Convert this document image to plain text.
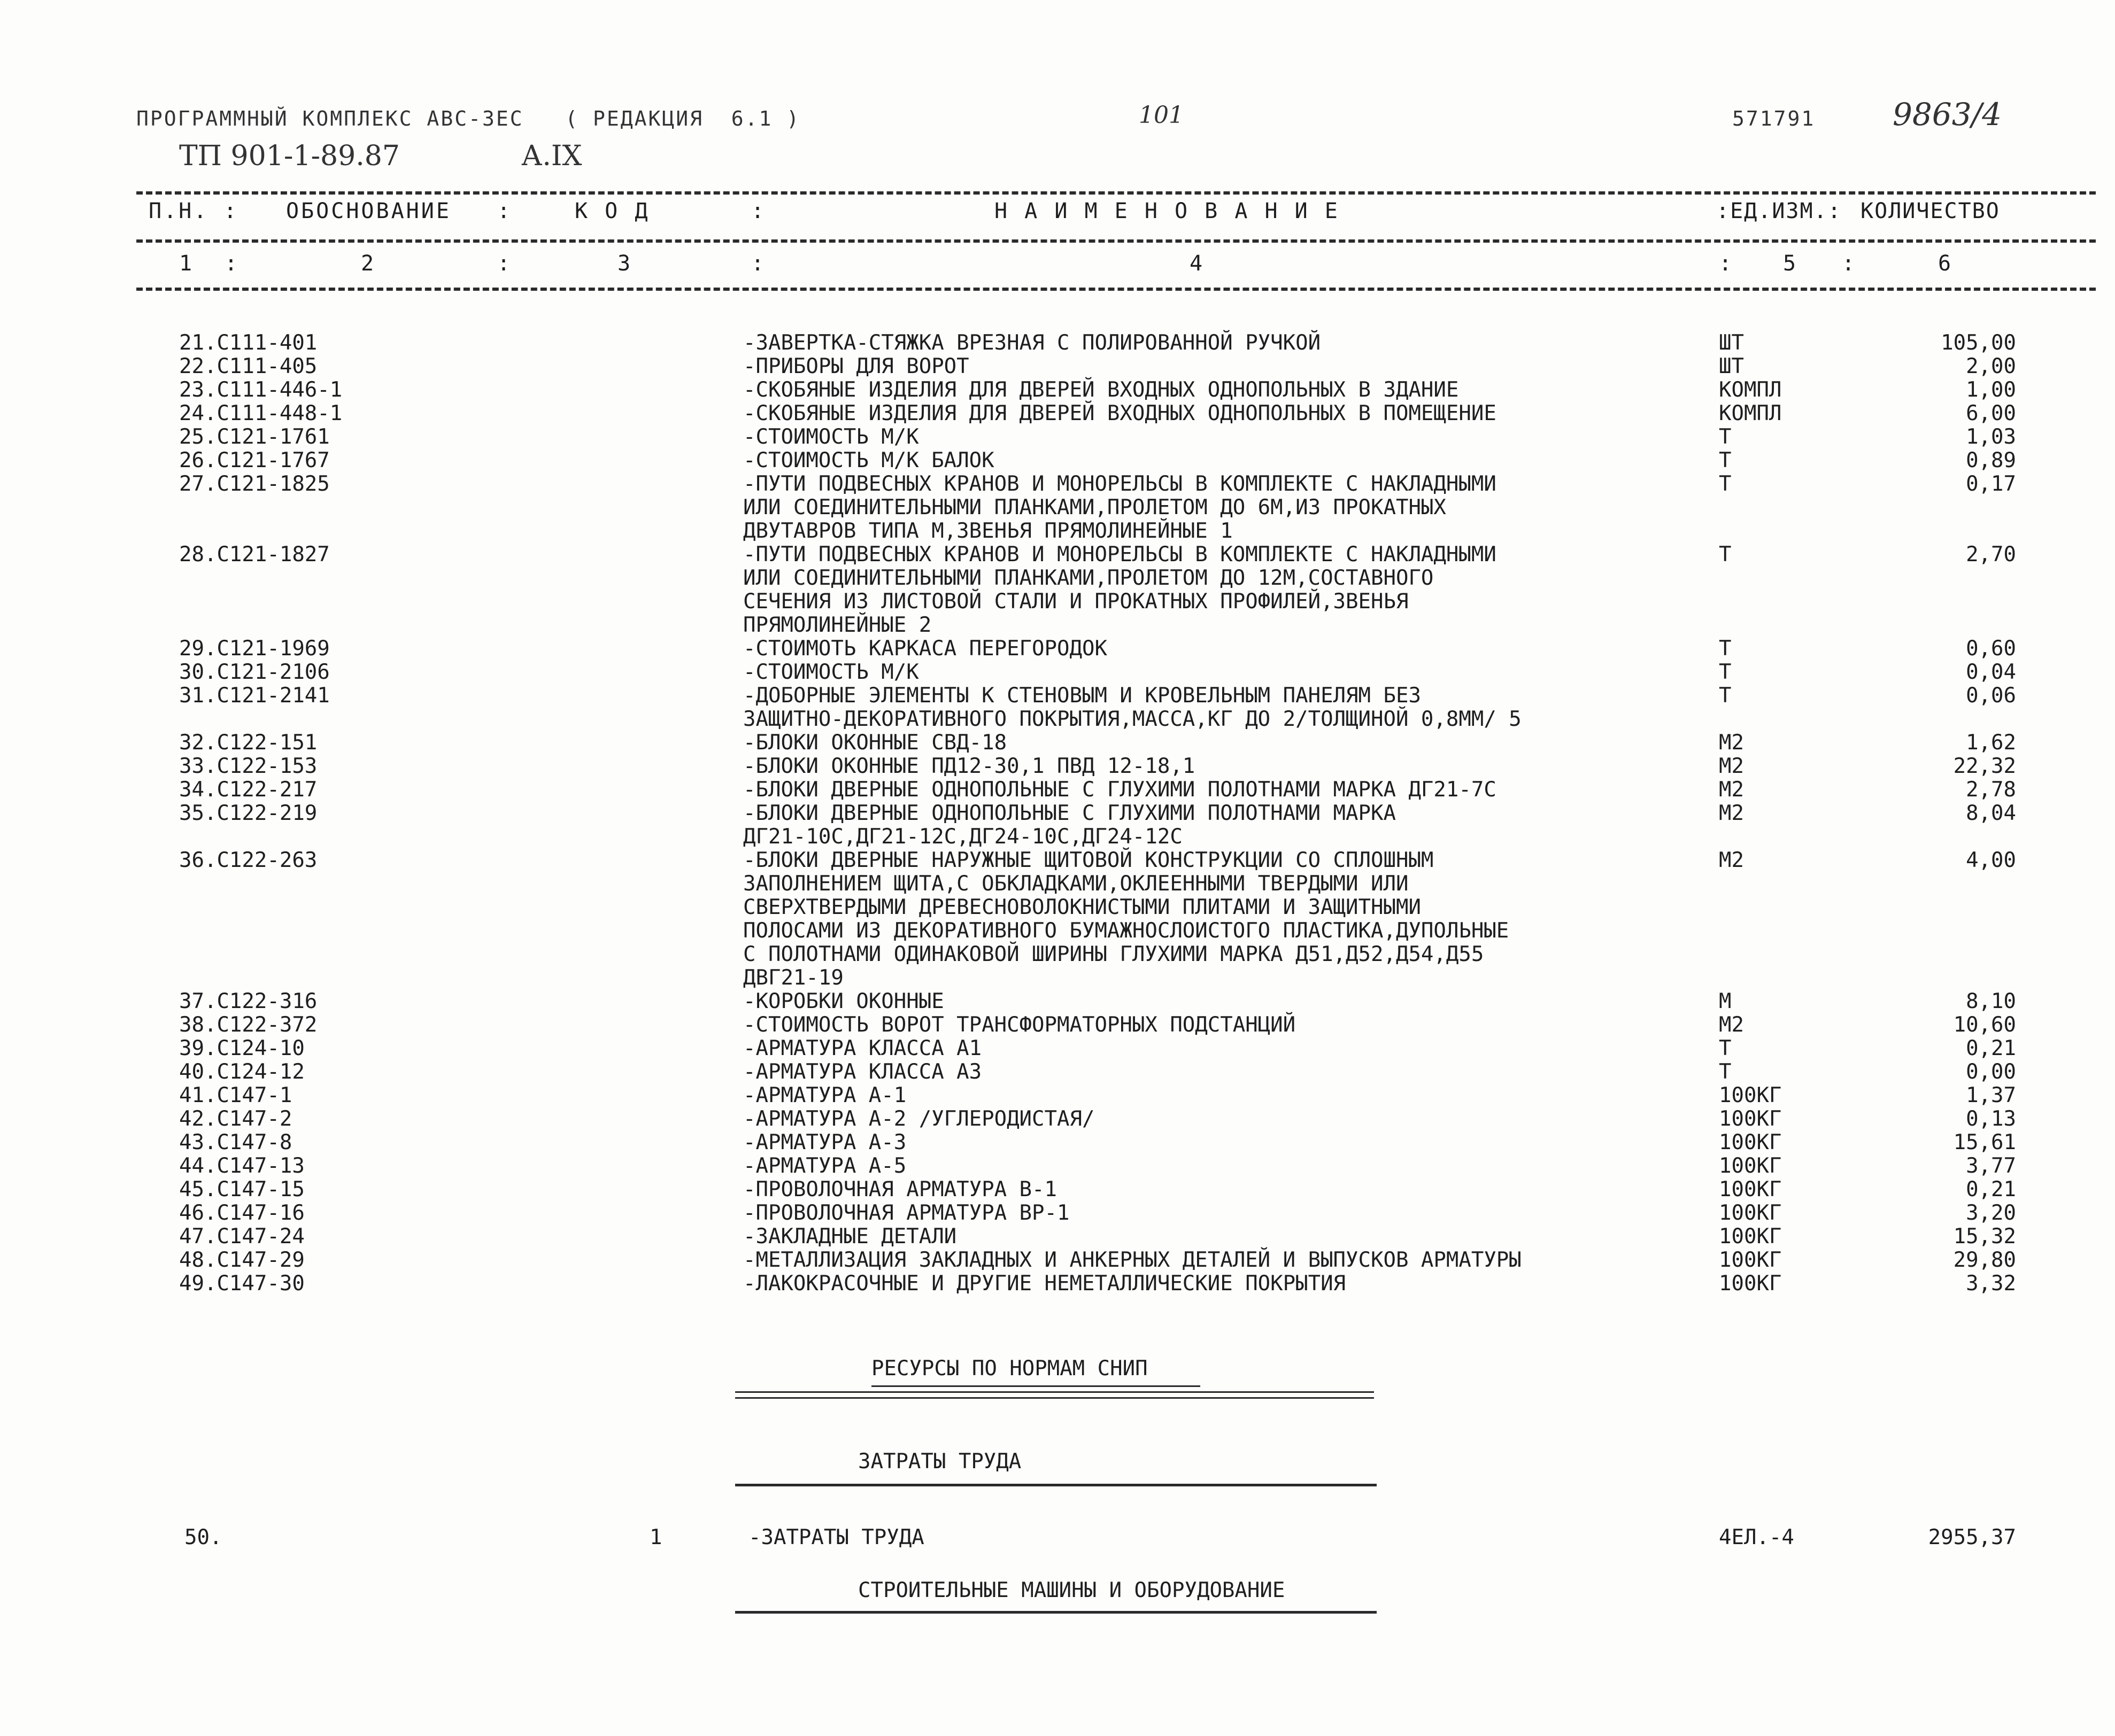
ПРОГРАММНЫЙ КОМПЛЕКС АВС-3ЕС   ( РЕДАКЦИЯ  6.1 )	101	571791 9863/4
ТП 901-1-89.87	А.IX
П.Н. : ОБОСНОВАНИЕ :	К О Д	:	Н А И М Е Н О В А Н И Е	:ЕД.ИЗМ.: КОЛИЧЕСТВО
1 :	2	:	3	:	4	: 5 :	6
21.C111-401	-ЗАВЕРТКА-СТЯЖКА ВРЕЗНАЯ С ПОЛИРОВАННОЙ РУЧКОЙ	ШТ	105,00
22.C111-405	-ПРИБОРЫ ДЛЯ ВОРОТ	ШТ	2,00
23.C111-446-1	-СКОБЯНЫЕ ИЗДЕЛИЯ ДЛЯ ДВЕРЕЙ ВХОДНЫХ ОДНОПОЛЬНЫХ В ЗДАНИЕ	КОМПЛ	1,00
24.C111-448-1	-СКОБЯНЫЕ ИЗДЕЛИЯ ДЛЯ ДВЕРЕЙ ВХОДНЫХ ОДНОПОЛЬНЫХ В ПОМЕЩЕНИЕ	КОМПЛ	6,00
25.C121-1761	-СТОИМОСТЬ М/К	Т	1,03
26.C121-1767	-СТОИМОСТЬ М/К БАЛОК	Т	0,89
27.C121-1825	-ПУТИ ПОДВЕСНЫХ КРАНОВ И МОНОРЕЛЬСЫ В КОМПЛЕКТЕ С НАКЛАДНЫМИ
ИЛИ СОЕДИНИТЕЛЬНЫМИ ПЛАНКАМИ,ПРОЛЕТОМ ДО 6М,ИЗ ПРОКАТНЫХ
ДВУТАВРОВ ТИПА М,ЗВЕНЬЯ ПРЯМОЛИНЕЙНЫЕ 1
Т	0,17
28.C121-1827	-ПУТИ ПОДВЕСНЫХ КРАНОВ И МОНОРЕЛЬСЫ В КОМПЛЕКТЕ С НАКЛАДНЫМИ
ИЛИ СОЕДИНИТЕЛЬНЫМИ ПЛАНКАМИ,ПРОЛЕТОМ ДО 12М,СОСТАВНОГО
СЕЧЕНИЯ ИЗ ЛИСТОВОЙ СТАЛИ И ПРОКАТНЫХ ПРОФИЛЕЙ,ЗВЕНЬЯ
ПРЯМОЛИНЕЙНЫЕ 2
Т	2,70
29.C121-1969	-СТОИМОТЬ КАРКАСА ПЕРЕГОРОДОК	Т	0,60
30.C121-2106	-СТОИМОСТЬ М/К	Т	0,04
31.C121-2141	-ДОБОРНЫЕ ЭЛЕМЕНТЫ К СТЕНОВЫМ И КРОВЕЛЬНЫМ ПАНЕЛЯМ БЕЗ
ЗАЩИТНО-ДЕКОРАТИВНОГО ПОКРЫТИЯ,МАССА,КГ ДО 2/ТОЛЩИНОЙ 0,8ММ/ 5
Т	0,06
32.C122-151	-БЛОКИ ОКОННЫЕ СВД-18	М2	1,62
33.C122-153	-БЛОКИ ОКОННЫЕ ПД12-30,1 ПВД 12-18,1	М2	22,32
34.C122-217	-БЛОКИ ДВЕРНЫЕ ОДНОПОЛЬНЫЕ С ГЛУХИМИ ПОЛОТНАМИ МАРКА ДГ21-7С	М2	2,78
35.C122-219	-БЛОКИ ДВЕРНЫЕ ОДНОПОЛЬНЫЕ С ГЛУХИМИ ПОЛОТНАМИ МАРКА
ДГ21-10С,ДГ21-12С,ДГ24-10С,ДГ24-12С
М2	8,04
36.C122-263	-БЛОКИ ДВЕРНЫЕ НАРУЖНЫЕ ЩИТОВОЙ КОНСТРУКЦИИ СО СПЛОШНЫМ
ЗАПОЛНЕНИЕМ ЩИТА,С ОБКЛАДКАМИ,ОКЛЕЕННЫМИ ТВЕРДЫМИ ИЛИ
СВЕРХТВЕРДЫМИ ДРЕВЕСНОВОЛОКНИСТЫМИ ПЛИТАМИ И ЗАЩИТНЫМИ
ПОЛОСАМИ ИЗ ДЕКОРАТИВНОГО БУМАЖНОСЛОИСТОГО ПЛАСТИКА,ДУПОЛЬНЫЕ
С ПОЛОТНАМИ ОДИНАКОВОЙ ШИРИНЫ ГЛУХИМИ МАРКА Д51,Д52,Д54,Д55
ДВГ21-19
М2	4,00
37.C122-316	-КОРОБКИ ОКОННЫЕ	М	8,10
38.C122-372	-СТОИМОСТЬ ВОРОТ ТРАНСФОРМАТОРНЫХ ПОДСТАНЦИЙ	М2	10,60
39.C124-10	-АРМАТУРА КЛАССА А1	Т	0,21
40.C124-12	-АРМАТУРА КЛАССА А3	Т	0,00
41.C147-1	-АРМАТУРА А-1	100КГ	1,37
42.C147-2	-АРМАТУРА А-2 /УГЛЕРОДИСТАЯ/	100КГ	0,13
43.C147-8	-АРМАТУРА А-3	100КГ	15,61
44.C147-13	-АРМАТУРА А-5	100КГ	3,77
45.C147-15	-ПРОВОЛОЧНАЯ АРМАТУРА В-1	100КГ	0,21
46.C147-16	-ПРОВОЛОЧНАЯ АРМАТУРА ВР-1	100КГ	3,20
47.C147-24	-ЗАКЛАДНЫЕ ДЕТАЛИ	100КГ	15,32
48.C147-29	-МЕТАЛЛИЗАЦИЯ ЗАКЛАДНЫХ И АНКЕРНЫХ ДЕТАЛЕЙ И ВЫПУСКОВ АРМАТУРЫ	100КГ	29,80
49.C147-30	-ЛАКОКРАСОЧНЫЕ И ДРУГИЕ НЕМЕТАЛЛИЧЕСКИЕ ПОКРЫТИЯ	100КГ	3,32
РЕСУРСЫ ПО НОРМАМ СНИП
ЗАТРАТЫ ТРУДА
50.	1	-ЗАТРАТЫ ТРУДА	4ЕЛ.-4	2955,37
СТРОИТЕЛЬНЫЕ МАШИНЫ И ОБОРУДОВАНИЕ
